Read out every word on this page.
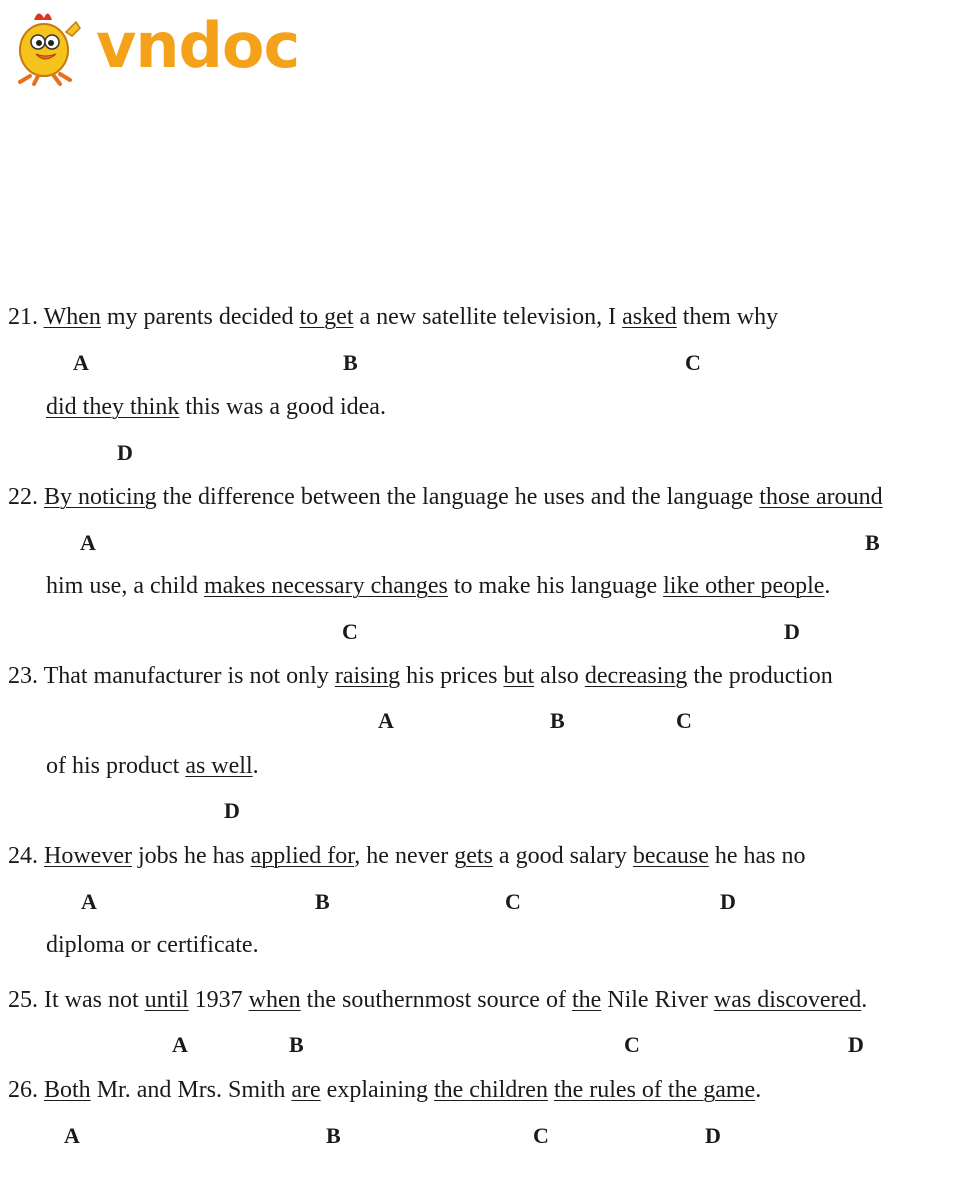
vndoc
21. When my parents decided to get a new satellite television, I asked them why
A	B	C
did they think this was a good idea.
D
22. By noticing the difference between the language he uses and the language those around
A	B
him use, a child makes necessary changes to make his language like other people.
C	D
23. That manufacturer is not only raising his prices but also decreasing the production
A	B	C
of his product as well.
D
24. However jobs he has applied for, he never gets a good salary because he has no
A	B	C	D
diploma or certificate.
25. It was not until 1937 when the southernmost source of the Nile River was discovered.
A	B	C	D
26. Both Mr. and Mrs. Smith are explaining the children the rules of the game.
A	B	C	D
